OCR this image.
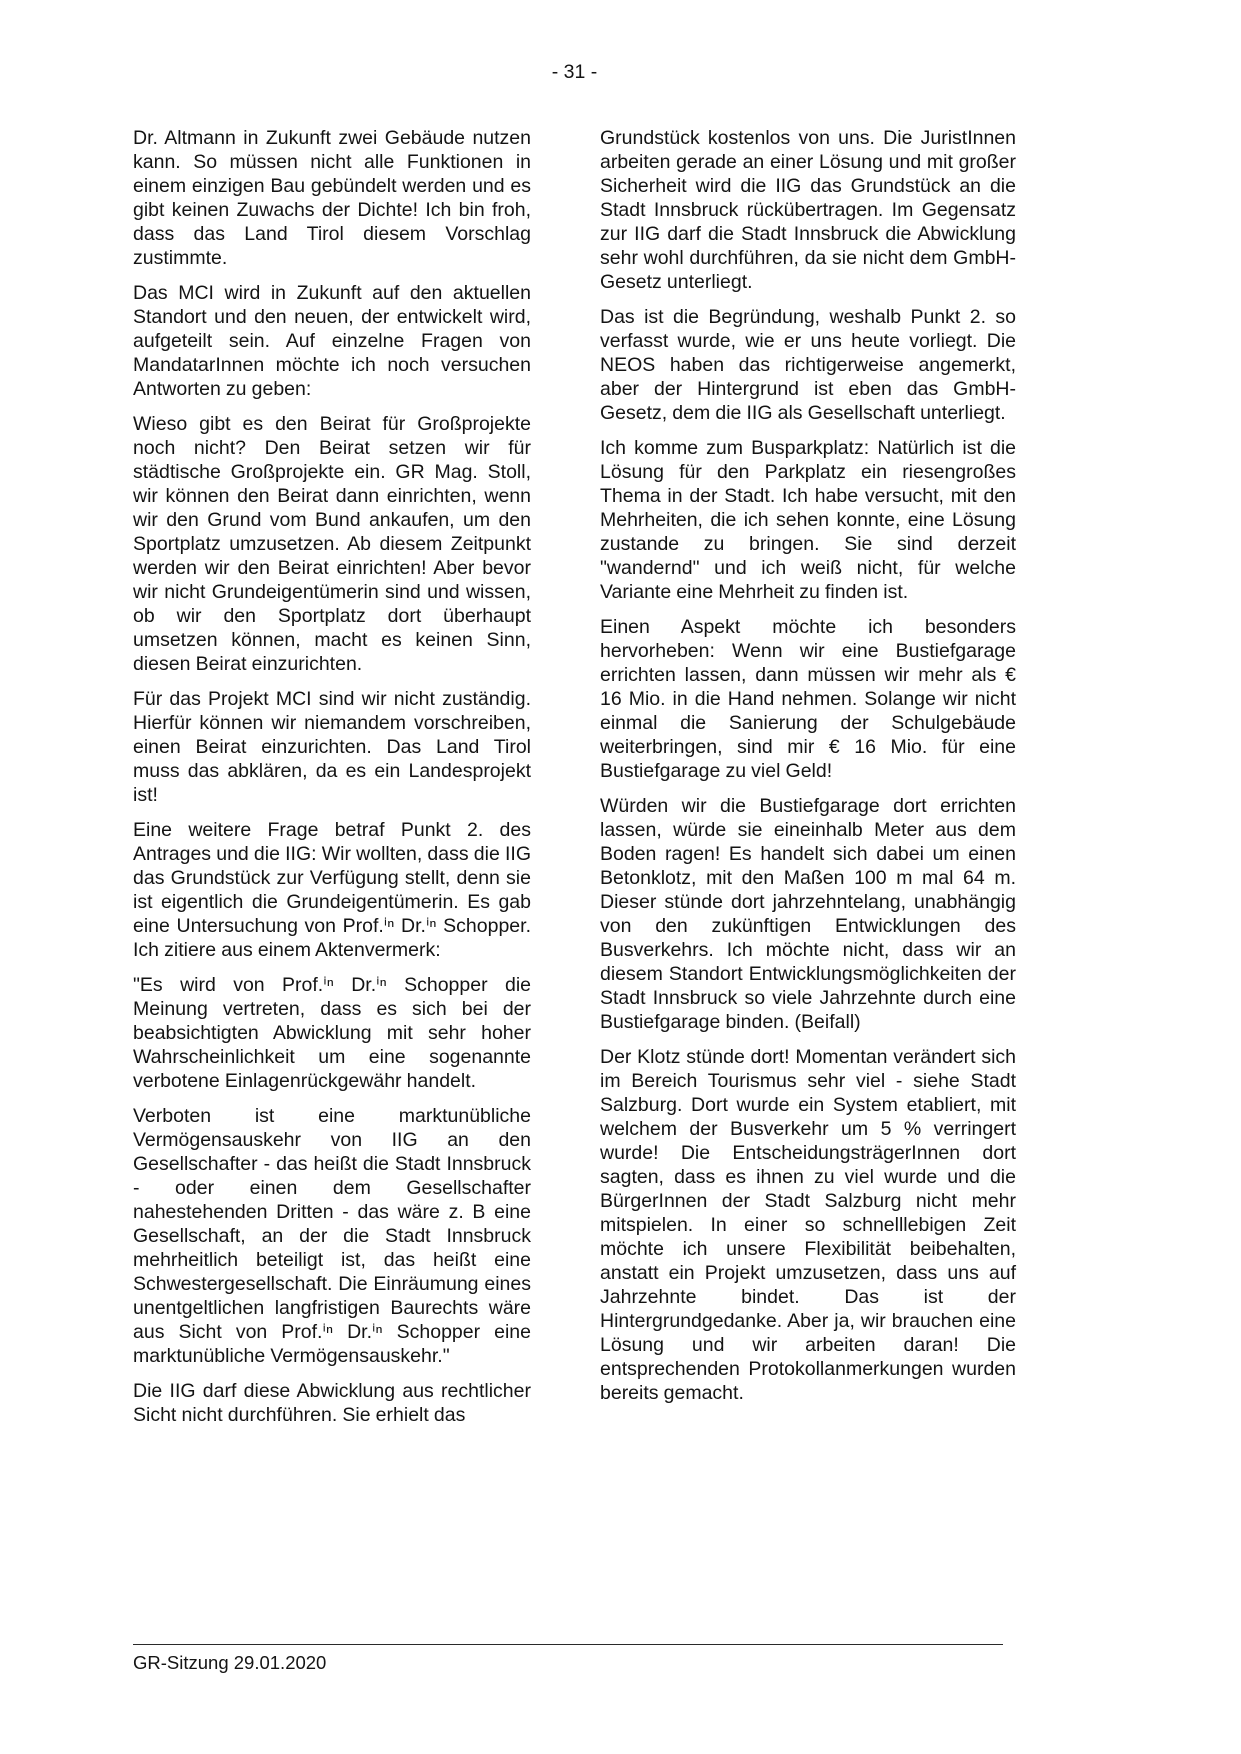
- 31 -

Dr. Altmann in Zukunft zwei Gebäude nutzen kann. So müssen nicht alle Funktionen in einem einzigen Bau gebündelt werden und es gibt keinen Zuwachs der Dichte! Ich bin froh, dass das Land Tirol diesem Vorschlag zustimmte.

Das MCI wird in Zukunft auf den aktuellen Standort und den neuen, der entwickelt wird, aufgeteilt sein. Auf einzelne Fragen von MandatarInnen möchte ich noch versuchen Antworten zu geben:

Wieso gibt es den Beirat für Großprojekte noch nicht? Den Beirat setzen wir für städtische Großprojekte ein. GR Mag. Stoll, wir können den Beirat dann einrichten, wenn wir den Grund vom Bund ankaufen, um den Sportplatz umzusetzen. Ab diesem Zeitpunkt werden wir den Beirat einrichten! Aber bevor wir nicht Grundeigentümerin sind und wissen, ob wir den Sportplatz dort überhaupt umsetzen können, macht es keinen Sinn, diesen Beirat einzurichten.

Für das Projekt MCI sind wir nicht zuständig. Hierfür können wir niemandem vorschreiben, einen Beirat einzurichten. Das Land Tirol muss das abklären, da es ein Landesprojekt ist!

Eine weitere Frage betraf Punkt 2. des Antrages und die IIG: Wir wollten, dass die IIG das Grundstück zur Verfügung stellt, denn sie ist eigentlich die Grundeigentümerin. Es gab eine Untersuchung von Prof.ⁱⁿ Dr.ⁱⁿ Schopper. Ich zitiere aus einem Aktenvermerk:

"Es wird von Prof.ⁱⁿ Dr.ⁱⁿ Schopper die Meinung vertreten, dass es sich bei der beabsichtigten Abwicklung mit sehr hoher Wahrscheinlichkeit um eine sogenannte verbotene Einlagenrückgewähr handelt.

Verboten ist eine marktunübliche Vermögensauskehr von IIG an den Gesellschafter - das heißt die Stadt Innsbruck - oder einen dem Gesellschafter nahestehenden Dritten - das wäre z. B eine Gesellschaft, an der die Stadt Innsbruck mehrheitlich beteiligt ist, das heißt eine Schwestergesellschaft. Die Einräumung eines unentgeltlichen langfristigen Baurechts wäre aus Sicht von Prof.ⁱⁿ Dr.ⁱⁿ Schopper eine marktunübliche Vermögensauskehr."

Die IIG darf diese Abwicklung aus rechtlicher Sicht nicht durchführen. Sie erhielt das

Grundstück kostenlos von uns. Die JuristInnen arbeiten gerade an einer Lösung und mit großer Sicherheit wird die IIG das Grundstück an die Stadt Innsbruck rückübertragen. Im Gegensatz zur IIG darf die Stadt Innsbruck die Abwicklung sehr wohl durchführen, da sie nicht dem GmbH-Gesetz unterliegt.

Das ist die Begründung, weshalb Punkt 2. so verfasst wurde, wie er uns heute vorliegt. Die NEOS haben das richtigerweise angemerkt, aber der Hintergrund ist eben das GmbH-Gesetz, dem die IIG als Gesellschaft unterliegt.

Ich komme zum Busparkplatz: Natürlich ist die Lösung für den Parkplatz ein riesengroßes Thema in der Stadt. Ich habe versucht, mit den Mehrheiten, die ich sehen konnte, eine Lösung zustande zu bringen. Sie sind derzeit "wandernd" und ich weiß nicht, für welche Variante eine Mehrheit zu finden ist.

Einen Aspekt möchte ich besonders hervorheben: Wenn wir eine Bustiefgarage errichten lassen, dann müssen wir mehr als € 16 Mio. in die Hand nehmen. Solange wir nicht einmal die Sanierung der Schulgebäude weiterbringen, sind mir € 16 Mio. für eine Bustiefgarage zu viel Geld!

Würden wir die Bustiefgarage dort errichten lassen, würde sie eineinhalb Meter aus dem Boden ragen! Es handelt sich dabei um einen Betonklotz, mit den Maßen 100 m mal 64 m. Dieser stünde dort jahrzehntelang, unabhängig von den zukünftigen Entwicklungen des Busverkehrs. Ich möchte nicht, dass wir an diesem Standort Entwicklungsmöglichkeiten der Stadt Innsbruck so viele Jahrzehnte durch eine Bustiefgarage binden. (Beifall)

Der Klotz stünde dort! Momentan verändert sich im Bereich Tourismus sehr viel - siehe Stadt Salzburg. Dort wurde ein System etabliert, mit welchem der Busverkehr um 5 % verringert wurde! Die EntscheidungsträgerInnen dort sagten, dass es ihnen zu viel wurde und die BürgerInnen der Stadt Salzburg nicht mehr mitspielen. In einer so schnelllebigen Zeit möchte ich unsere Flexibilität beibehalten, anstatt ein Projekt umzusetzen, dass uns auf Jahrzehnte bindet. Das ist der Hintergrundgedanke. Aber ja, wir brauchen eine Lösung und wir arbeiten daran! Die entsprechenden Protokollanmerkungen wurden bereits gemacht.

GR-Sitzung 29.01.2020
